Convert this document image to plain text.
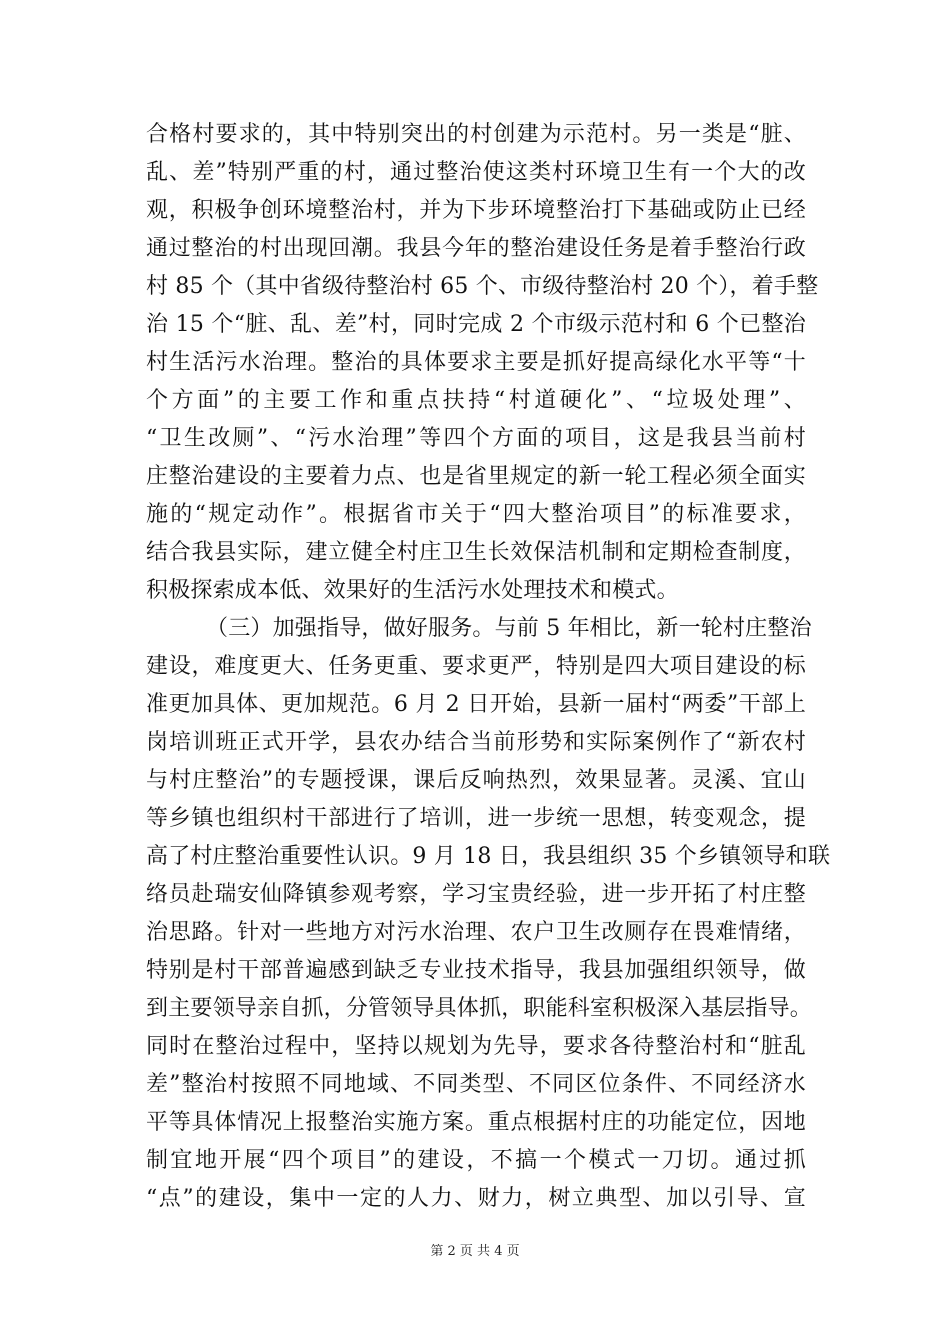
合格村要求的，其中特别突出的村创建为示范村。另一类是“脏、
乱、差”特别严重的村，通过整治使这类村环境卫生有一个大的改
观，积极争创环境整治村，并为下步环境整治打下基础或防止已经
通过整治的村出现回潮。我县今年的整治建设任务是着手整治行政
村 85 个（其中省级待整治村 65 个、市级待整治村 20 个），着手整
治 15 个“脏、乱、差”村，同时完成 2 个市级示范村和 6 个已整治
村生活污水治理。整治的具体要求主要是抓好提高绿化水平等“十
个方面”的主要工作和重点扶持“村道硬化”、“垃圾处理”、
“卫生改厕”、“污水治理”等四个方面的项目，这是我县当前村
庄整治建设的主要着力点、也是省里规定的新一轮工程必须全面实
施的“规定动作”。根据省市关于“四大整治项目”的标准要求，
结合我县实际，建立健全村庄卫生长效保洁机制和定期检查制度，
积极探索成本低、效果好的生活污水处理技术和模式。
（三）加强指导，做好服务。与前 5 年相比，新一轮村庄整治
建设，难度更大、任务更重、要求更严，特别是四大项目建设的标
准更加具体、更加规范。6 月 2 日开始，县新一届村“两委”干部上
岗培训班正式开学，县农办结合当前形势和实际案例作了“新农村
与村庄整治”的专题授课，课后反响热烈，效果显著。灵溪、宜山
等乡镇也组织村干部进行了培训，进一步统一思想，转变观念，提
高了村庄整治重要性认识。9 月 18 日，我县组织 35 个乡镇领导和联
络员赴瑞安仙降镇参观考察，学习宝贵经验，进一步开拓了村庄整
治思路。针对一些地方对污水治理、农户卫生改厕存在畏难情绪，
特别是村干部普遍感到缺乏专业技术指导，我县加强组织领导，做
到主要领导亲自抓，分管领导具体抓，职能科室积极深入基层指导。
同时在整治过程中，坚持以规划为先导，要求各待整治村和“脏乱
差”整治村按照不同地域、不同类型、不同区位条件、不同经济水
平等具体情况上报整治实施方案。重点根据村庄的功能定位，因地
制宜地开展“四个项目”的建设，不搞一个模式一刀切。通过抓
“点”的建设，集中一定的人力、财力，树立典型、加以引导、宣
第 2 页 共 4 页
